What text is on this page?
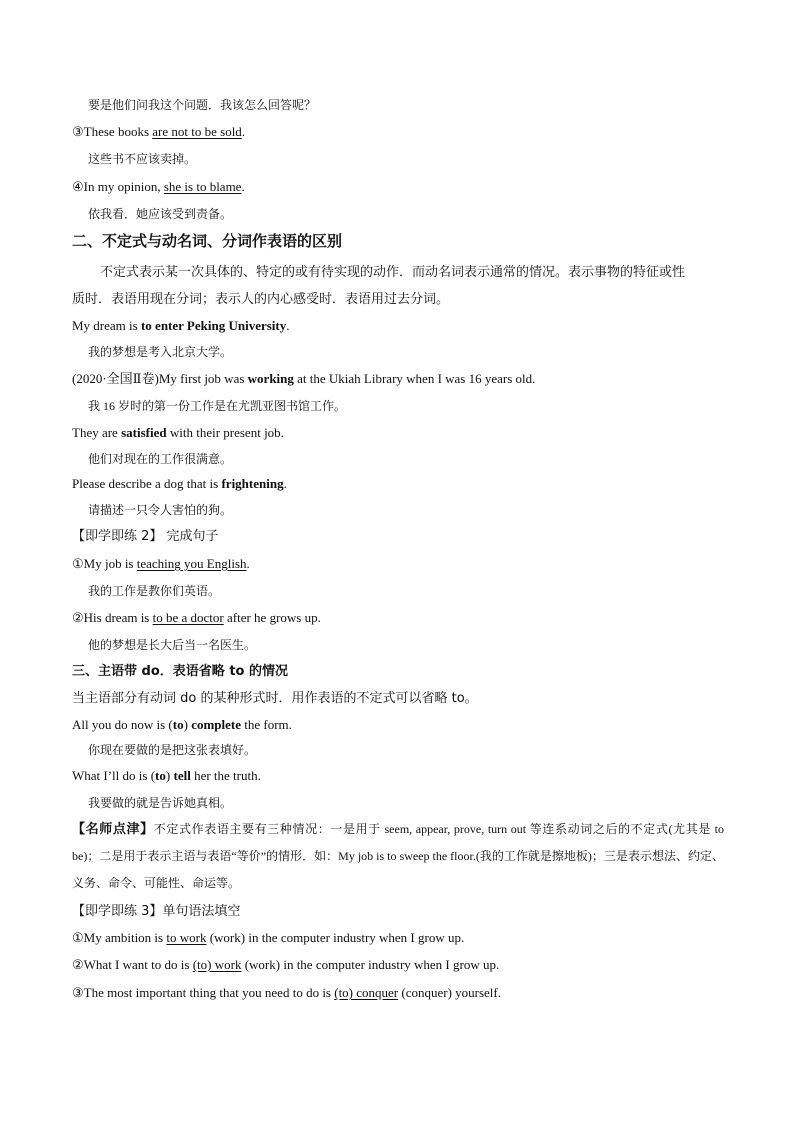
要是他们问我这个问题．我该怎么回答呢？
③These books are not to be sold.
这些书不应该卖掉。
④In my opinion, she is to blame.
依我看．她应该受到责备。
二、不定式与动名词、分词作表语的区别
不定式表示某一次具体的、特定的或有待实现的动作．而动名词表示通常的情况。表示事物的特征或性
质时．表语用现在分词；表示人的内心感受时．表语用过去分词。
My dream is to enter Peking University.
我的梦想是考入北京大学。
(2020·全国Ⅱ卷)My first job was working at the Ukiah Library when I was 16 years old.
我 16 岁时的第一份工作是在尤凯亚图书馆工作。
They are satisfied with their present job.
他们对现在的工作很满意。
Please describe a dog that is frightening.
请描述一只令人害怕的狗。
【即学即练 2】 完成句子
①My job is teaching you English.
我的工作是教你们英语。
②His dream is to be a doctor after he grows up.
他的梦想是长大后当一名医生。
三、主语带 do．表语省略 to 的情况
当主语部分有动词 do 的某种形式时．用作表语的不定式可以省略 to。
All you do now is (to) complete the form.
你现在要做的是把这张表填好。
What I’ll do is (to) tell her the truth.
我要做的就是告诉她真相。
【名师点津】不定式作表语主要有三种情况：一是用于 seem, appear, prove, turn out 等连系动词之后的不定式(尤其是 to be)；二是用于表示主语与表语“等价”的情形．如：My job is to sweep the floor.(我的工作就是擦地板)；三是表示想法、约定、义务、命令、可能性、命运等。
【即学即练 3】单句语法填空
①My ambition is to work (work) in the computer industry when I grow up.
②What I want to do is (to) work (work) in the computer industry when I grow up.
③The most important thing that you need to do is (to) conquer (conquer) yourself.
